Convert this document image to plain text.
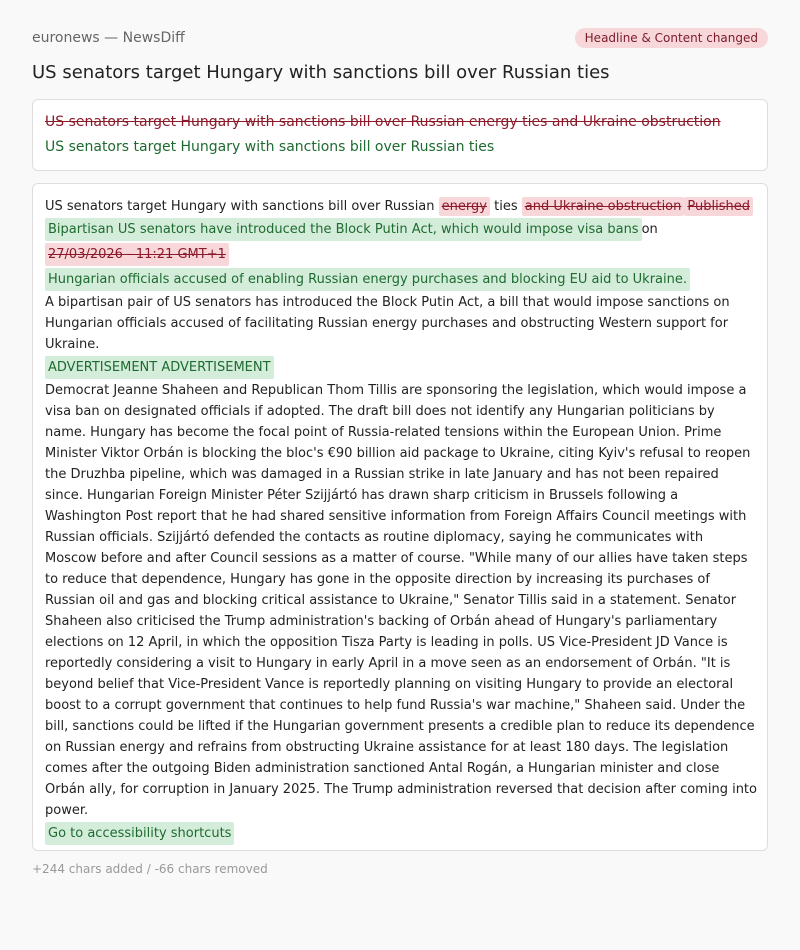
euronews — NewsDiff	Headline & Content changed
US senators target Hungary with sanctions bill over Russian ties
US senators target Hungary with sanctions bill over Russian energy ties and Ukraine obstruction
US senators target Hungary with sanctions bill over Russian ties
US senators target Hungary with sanctions bill over Russian energy ties and Ukraine obstruction Published
Bipartisan US senators have introduced the Block Putin Act, which would impose visa bans on
27/03/2026 - 11:21 GMT+1
Hungarian officials accused of enabling Russian energy purchases and blocking EU aid to Ukraine.
A bipartisan pair of US senators has introduced the Block Putin Act, a bill that would impose sanctions on Hungarian officials accused of facilitating Russian energy purchases and obstructing Western support for Ukraine.
ADVERTISEMENT ADVERTISEMENT
Democrat Jeanne Shaheen and Republican Thom Tillis are sponsoring the legislation, which would impose a visa ban on designated officials if adopted. The draft bill does not identify any Hungarian politicians by name. Hungary has become the focal point of Russia-related tensions within the European Union. Prime Minister Viktor Orbán is blocking the bloc's €90 billion aid package to Ukraine, citing Kyiv's refusal to reopen the Druzhba pipeline, which was damaged in a Russian strike in late January and has not been repaired since. Hungarian Foreign Minister Péter Szijjártó has drawn sharp criticism in Brussels following a Washington Post report that he had shared sensitive information from Foreign Affairs Council meetings with Russian officials. Szijjártó defended the contacts as routine diplomacy, saying he communicates with Moscow before and after Council sessions as a matter of course. "While many of our allies have taken steps to reduce that dependence, Hungary has gone in the opposite direction by increasing its purchases of Russian oil and gas and blocking critical assistance to Ukraine," Senator Tillis said in a statement. Senator Shaheen also criticised the Trump administration's backing of Orbán ahead of Hungary's parliamentary elections on 12 April, in which the opposition Tisza Party is leading in polls. US Vice-President JD Vance is reportedly considering a visit to Hungary in early April in a move seen as an endorsement of Orbán. "It is beyond belief that Vice-President Vance is reportedly planning on visiting Hungary to provide an electoral boost to a corrupt government that continues to help fund Russia's war machine," Shaheen said. Under the bill, sanctions could be lifted if the Hungarian government presents a credible plan to reduce its dependence on Russian energy and refrains from obstructing Ukraine assistance for at least 180 days. The legislation comes after the outgoing Biden administration sanctioned Antal Rogán, a Hungarian minister and close Orbán ally, for corruption in January 2025. The Trump administration reversed that decision after coming into power.
Go to accessibility shortcuts
+244 chars added / -66 chars removed
